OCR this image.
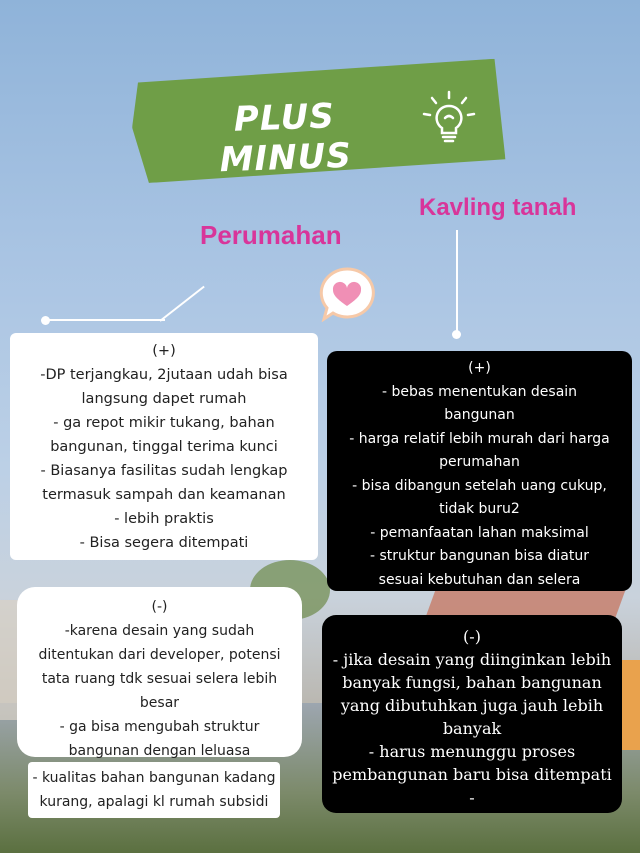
PLUS MINUS
Kavling tanah
Perumahan

(+)

-DP terjangkau, 2jutaan udah bisa

langsung dapet rumah

- ga repot mikir tukang, bahan

bangunan, tinggal terima kunci

- Biasanya fasilitas sudah lengkap

termasuk sampah dan keamanan

- lebih praktis

- Bisa segera ditempati

(+)

- bebas menentukan desain

bangunan

- harga relatif lebih murah dari harga

perumahan

- bisa dibangun setelah uang cukup,

tidak buru2

- pemanfaatan lahan maksimal

- struktur bangunan bisa diatur

sesuai kebutuhan dan selera

(-)

-karena desain yang sudah

ditentukan dari developer, potensi

tata ruang tdk sesuai selera lebih

besar

- ga bisa mengubah struktur

bangunan dengan leluasa

- kualitas bahan bangunan kadang

kurang, apalagi kl rumah subsidi

(-)

- jika desain yang diinginkan lebih

banyak fungsi, bahan bangunan

yang dibutuhkan juga jauh lebih

banyak

- harus menunggu proses

pembangunan baru bisa ditempati

-
